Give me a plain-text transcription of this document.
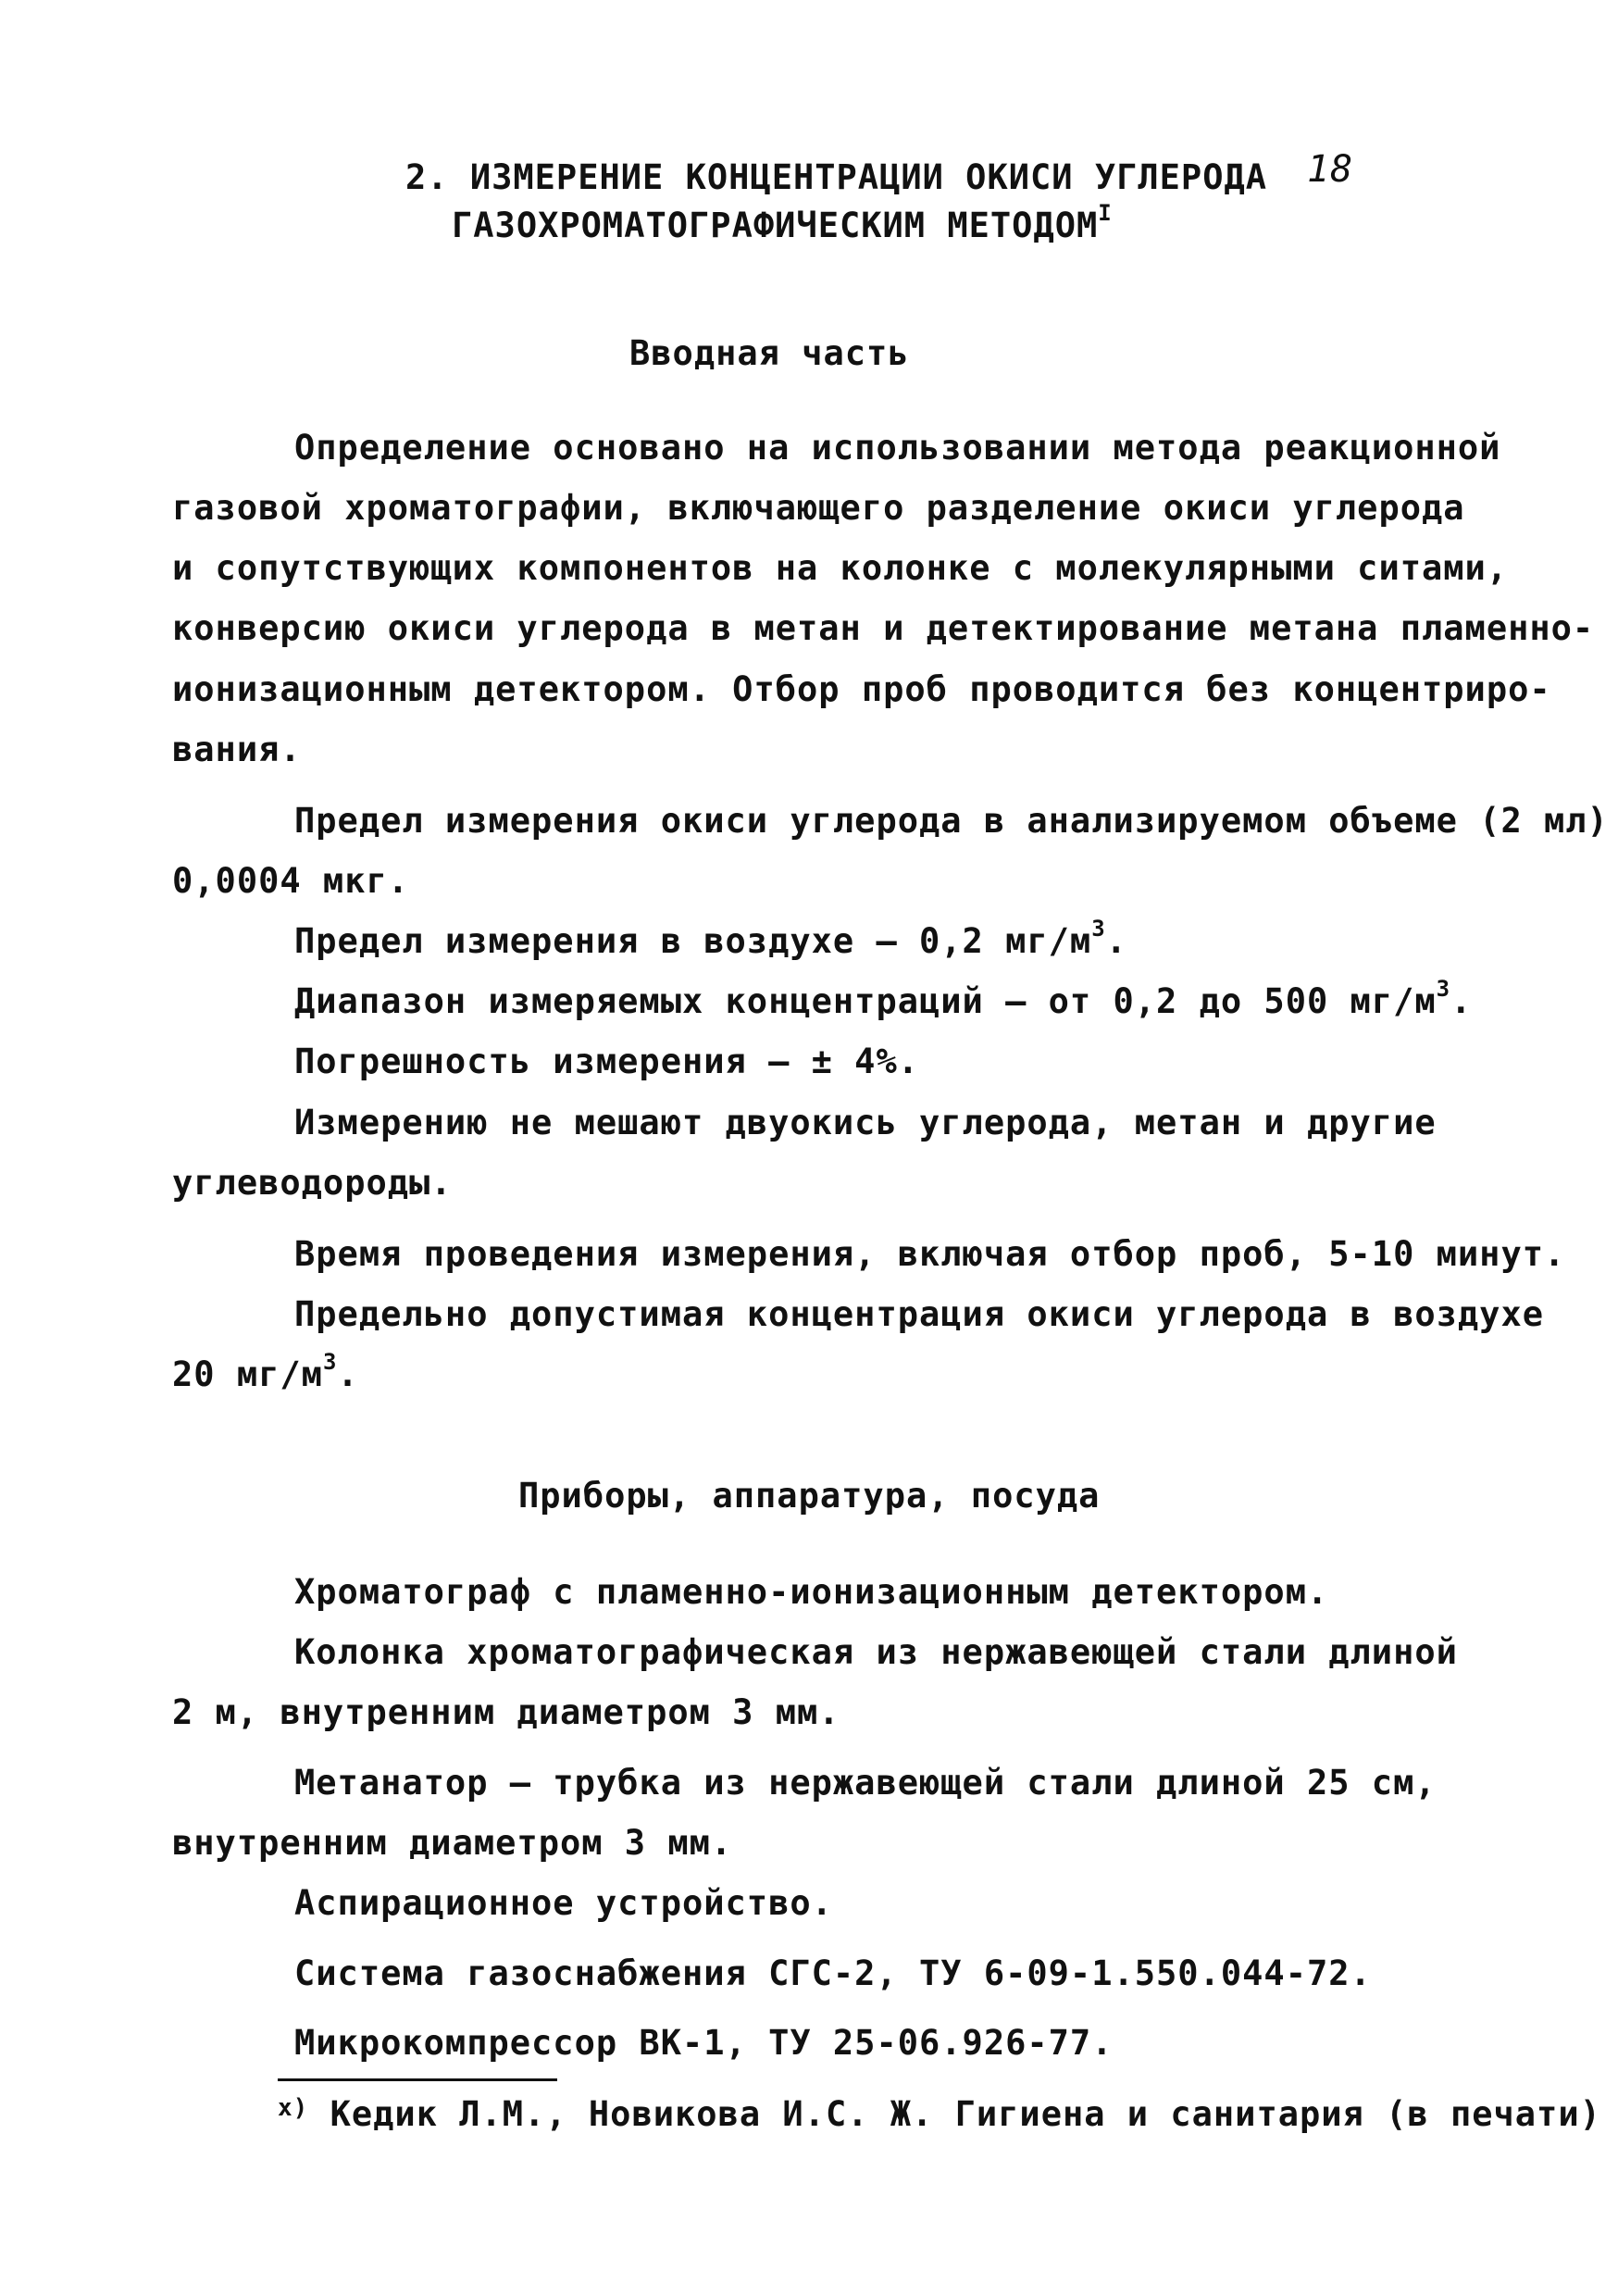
2. ИЗМЕРЕНИЕ КОНЦЕНТРАЦИИ ОКИСИ УГЛЕРОДА 18
ГАЗОХРОМАТОГРАФИЧЕСКИМ $МЕТОДОМ^I$
Вводная часть
Определение основано на использовании метода реакционной
газовой хроматографии, включающего разделение окиси углерода
и сопутствующих компонентов на колонке с молекулярными ситами,
конверсию окиси углерода в метан и детектирование метана пламенно-
ионизационным детектором. Отбор проб проводится без концентриро-
вания.
Предел измерения окиси углерода в анализируемом объеме (2 мл)
0,0004 мкг.
Предел измерения в воздухе – 0,2 $мг/м^3$.
Диапазон измеряемых концентраций – от 0,2 до 500 $мг/м^3$.
Погрешность измерения – ± 4%.
Измерению не мешают двуокись углерода, метан и другие
углеводороды.
Время проведения измерения, включая отбор проб, 5-10 минут.
Предельно допустимая концентрация окиси углерода в воздухе
20 $мг/м^3$.
Приборы, аппаратура, посуда
Хроматограф с пламенно-ионизационным детектором.
Колонка хроматографическая из нержавеющей стали длиной
2 м, внутренним диаметром 3 мм.
Метанатор – трубка из нержавеющей стали длиной 25 см,
внутренним диаметром 3 мм.
Аспирационное устройство.
Система газоснабжения СГС-2, ТУ 6-09-1.550.044-72.
Микрокомпрессор ВК-1, ТУ 25-06.926-77.
$^{х)}$ Кедик Л.М., Новикова И.С. Ж. Гигиена и санитария (в печати)
